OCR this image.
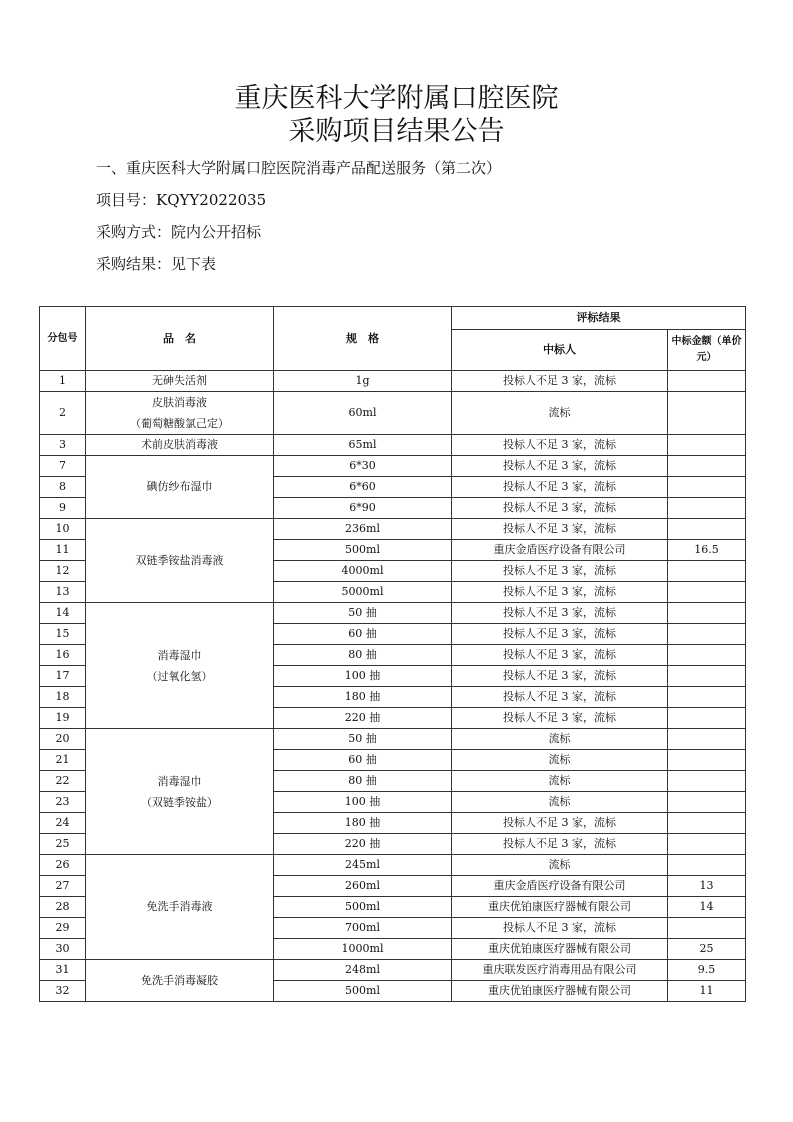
重庆医科大学附属口腔医院
采购项目结果公告
一、重庆医科大学附属口腔医院消毒产品配送服务（第二次）
项目号：KQYY2022035
采购方式：院内公开招标
采购结果：见下表
分包号	品　名	规　格	评标结果	
			中标人	中标金额（单价 元）
1	无砷失活剂	1g	投标人不足 3 家，流标	
2	皮肤消毒液
（葡萄糖酸氯己定）	60ml	流标	
3	术前皮肤消毒液	65ml	投标人不足 3 家，流标	
7	碘仿纱布湿巾	6*30	投标人不足 3 家，流标	
8		6*60	投标人不足 3 家，流标	
9		6*90	投标人不足 3 家，流标	
10	双链季铵盐消毒液	236ml	投标人不足 3 家，流标	
11		500ml	重庆金盾医疗设备有限公司	16.5
12		4000ml	投标人不足 3 家，流标	
13		5000ml	投标人不足 3 家，流标	
14	消毒湿巾
（过氧化氢）	50 抽	投标人不足 3 家，流标	
15		60 抽	投标人不足 3 家，流标	
16		80 抽	投标人不足 3 家，流标	
17		100 抽	投标人不足 3 家，流标	
18		180 抽	投标人不足 3 家，流标	
19		220 抽	投标人不足 3 家，流标	
20	消毒湿巾
（双链季铵盐）	50 抽	流标	
21		60 抽	流标	
22		80 抽	流标	
23		100 抽	流标	
24		180 抽	投标人不足 3 家，流标	
25		220 抽	投标人不足 3 家，流标	
26	免洗手消毒液	245ml	流标	
27		260ml	重庆金盾医疗设备有限公司	13
28		500ml	重庆优铂康医疗器械有限公司	14
29		700ml	投标人不足 3 家，流标	
30		1000ml	重庆优铂康医疗器械有限公司	25
31	免洗手消毒凝胶	248ml	重庆联发医疗消毒用品有限公司	9.5
32		500ml	重庆优铂康医疗器械有限公司	11
